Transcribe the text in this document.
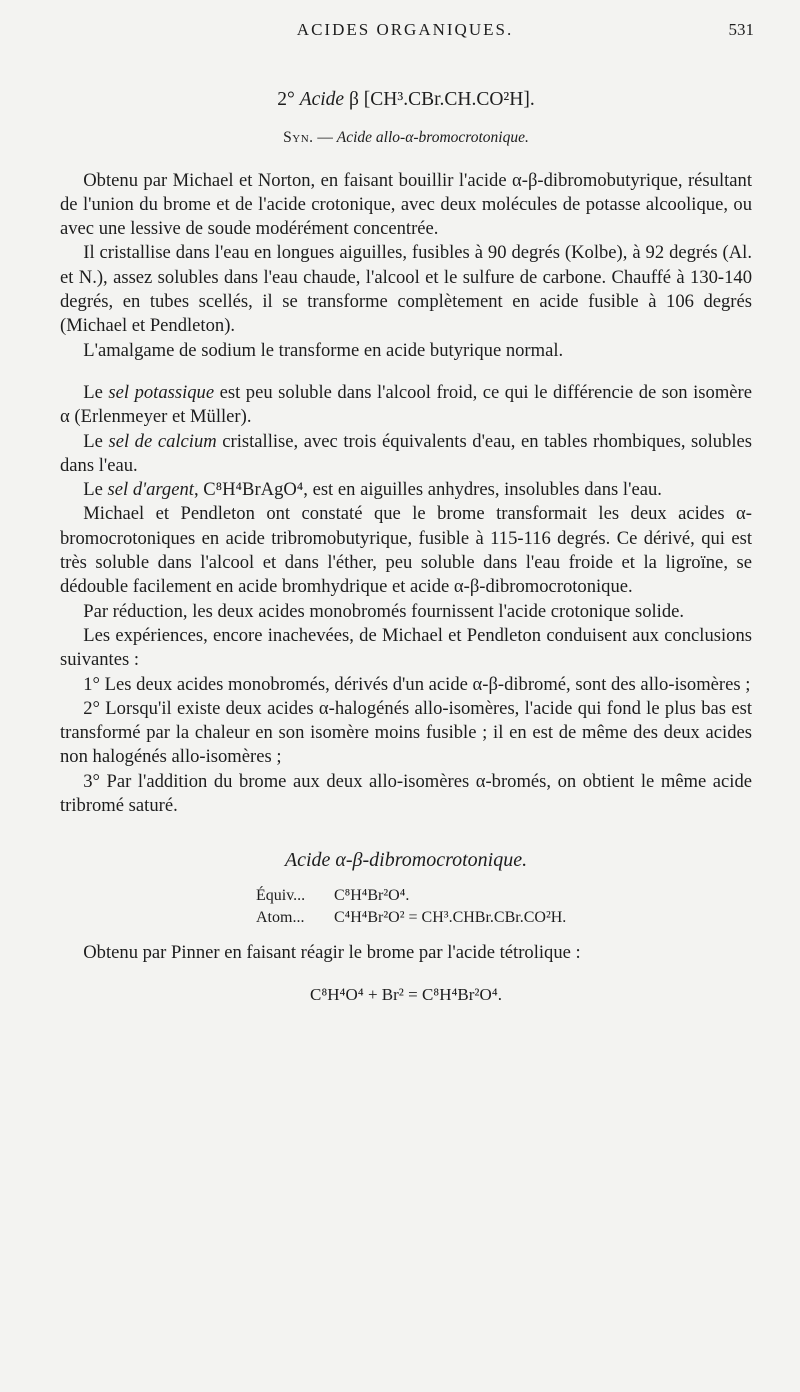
ACIDES ORGANIQUES.	531

2° Acide β [CH³.CBr.CH.CO²H].

Syn. — Acide allo-α-bromocrotonique.

Obtenu par Michael et Norton, en faisant bouillir l'acide α-β-dibromobutyrique, résultant de l'union du brome et de l'acide crotonique, avec deux molécules de potasse alcoolique, ou avec une lessive de soude modérément concentrée.

Il cristallise dans l'eau en longues aiguilles, fusibles à 90 degrés (Kolbe), à 92 degrés (Al. et N.), assez solubles dans l'eau chaude, l'alcool et le sulfure de carbone. Chauffé à 130-140 degrés, en tubes scellés, il se transforme complètement en acide fusible à 106 degrés (Michael et Pendleton).

L'amalgame de sodium le transforme en acide butyrique normal.

Le sel potassique est peu soluble dans l'alcool froid, ce qui le différencie de son isomère α (Erlenmeyer et Müller).

Le sel de calcium cristallise, avec trois équivalents d'eau, en tables rhombiques, solubles dans l'eau.

Le sel d'argent, C⁸H⁴BrAgO⁴, est en aiguilles anhydres, insolubles dans l'eau.

Michael et Pendleton ont constaté que le brome transformait les deux acides α-bromocrotoniques en acide tribromobutyrique, fusible à 115-116 degrés. Ce dérivé, qui est très soluble dans l'alcool et dans l'éther, peu soluble dans l'eau froide et la ligroïne, se dédouble facilement en acide bromhydrique et acide α-β-dibromocrotonique.

Par réduction, les deux acides monobromés fournissent l'acide crotonique solide.

Les expériences, encore inachevées, de Michael et Pendleton conduisent aux conclusions suivantes :

1° Les deux acides monobromés, dérivés d'un acide α-β-dibromé, sont des allo-isomères ;

2° Lorsqu'il existe deux acides α-halogénés allo-isomères, l'acide qui fond le plus bas est transformé par la chaleur en son isomère moins fusible ; il en est de même des deux acides non halogénés allo-isomères ;

3° Par l'addition du brome aux deux allo-isomères α-bromés, on obtient le même acide tribromé saturé.

Acide α-β-dibromocrotonique.

Équiv...	C⁸H⁴Br²O⁴.
Atom...	C⁴H⁴Br²O² = CH³.CHBr.CBr.CO²H.

Obtenu par Pinner en faisant réagir le brome par l'acide tétrolique :

C⁸H⁴O⁴ + Br² = C⁸H⁴Br²O⁴.
